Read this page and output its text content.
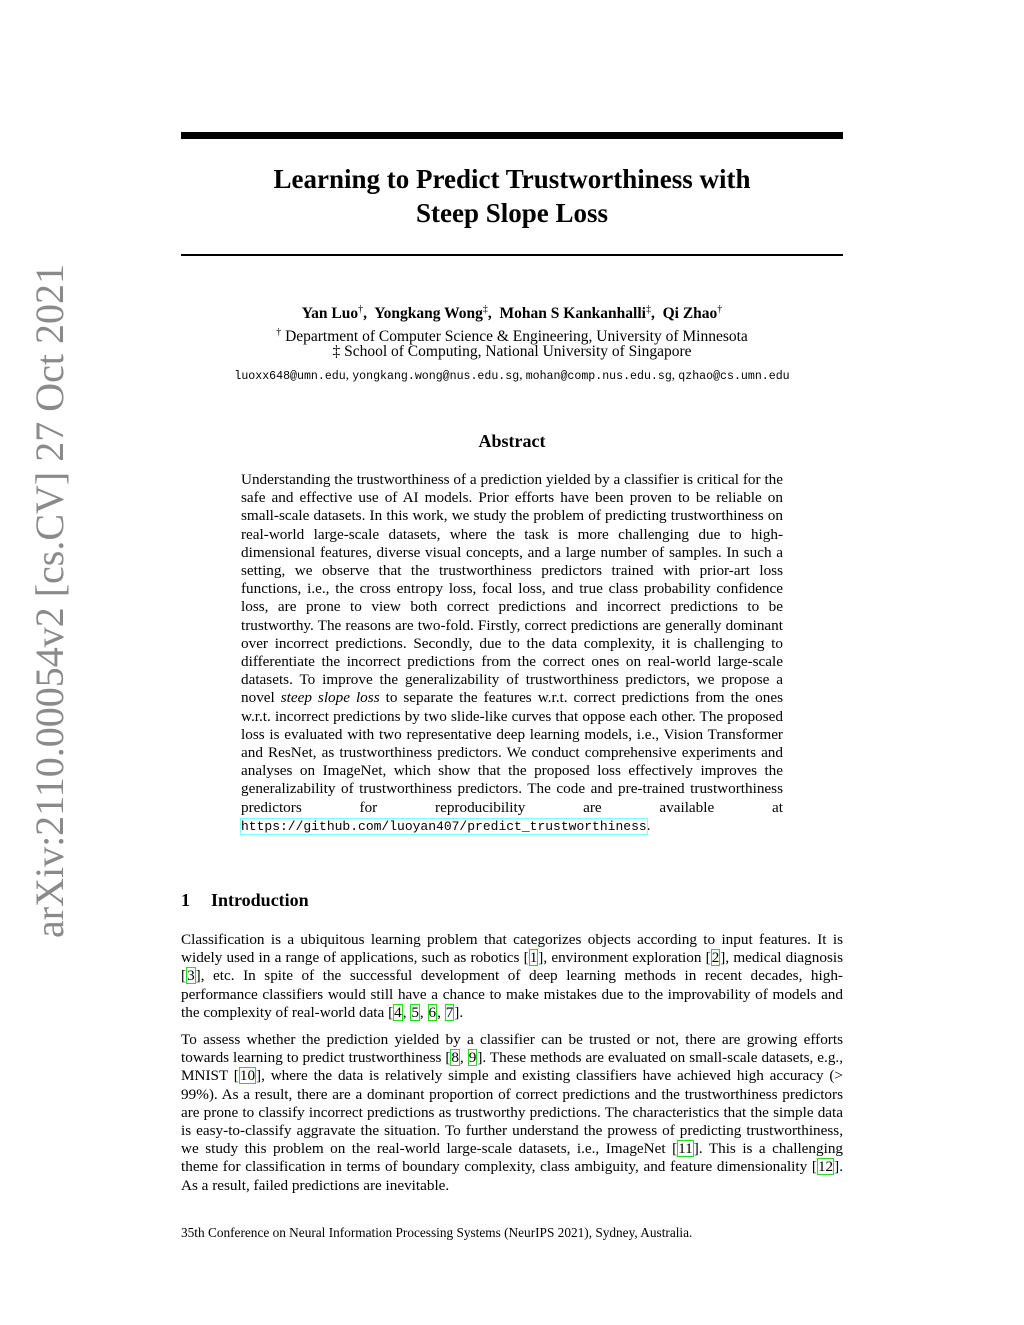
arXiv:2110.00054v2 [cs.CV] 27 Oct 2021
Learning to Predict Trustworthiness with
Steep Slope Loss
Yan Luo†,  Yongkang Wong‡,  Mohan S Kankanhalli‡,  Qi Zhao†
† Department of Computer Science & Engineering, University of Minnesota
‡ School of Computing, National University of Singapore
luoxx648@umn.edu, yongkang.wong@nus.edu.sg, mohan@comp.nus.edu.sg, qzhao@cs.umn.edu
Abstract
Understanding the trustworthiness of a prediction yielded by a classifier is critical for the safe and effective use of AI models. Prior efforts have been proven to be reliable on small-scale datasets. In this work, we study the problem of predicting trustworthiness on real-world large-scale datasets, where the task is more challenging due to high-dimensional features, diverse visual concepts, and a large number of samples. In such a setting, we observe that the trustworthiness predictors trained with prior-art loss functions, i.e., the cross entropy loss, focal loss, and true class probability confidence loss, are prone to view both correct predictions and incorrect predictions to be trustworthy. The reasons are two-fold. Firstly, correct predictions are generally dominant over incorrect predictions. Secondly, due to the data complexity, it is challenging to differentiate the incorrect predictions from the correct ones on real-world large-scale datasets. To improve the generalizability of trustworthiness predictors, we propose a novel steep slope loss to separate the features w.r.t. correct predictions from the ones w.r.t. incorrect predictions by two slide-like curves that oppose each other. The proposed loss is evaluated with two representative deep learning models, i.e., Vision Transformer and ResNet, as trustworthiness predictors. We conduct comprehensive experiments and analyses on ImageNet, which show that the proposed loss effectively improves the generalizability of trustworthiness predictors. The code and pre-trained trustworthiness predictors for reproducibility are available at https://github.com/luoyan407/predict_trustworthiness.
1 Introduction
Classification is a ubiquitous learning problem that categorizes objects according to input features. It is widely used in a range of applications, such as robotics [1], environment exploration [2], medical diagnosis [3], etc. In spite of the successful development of deep learning methods in recent decades, high-performance classifiers would still have a chance to make mistakes due to the improvability of models and the complexity of real-world data [4, 5, 6, 7].
To assess whether the prediction yielded by a classifier can be trusted or not, there are growing efforts towards learning to predict trustworthiness [8, 9]. These methods are evaluated on small-scale datasets, e.g., MNIST [10], where the data is relatively simple and existing classifiers have achieved high accuracy (> 99%). As a result, there are a dominant proportion of correct predictions and the trustworthiness predictors are prone to classify incorrect predictions as trustworthy predictions. The characteristics that the simple data is easy-to-classify aggravate the situation. To further understand the prowess of predicting trustworthiness, we study this problem on the real-world large-scale datasets, i.e., ImageNet [11]. This is a challenging theme for classification in terms of boundary complexity, class ambiguity, and feature dimensionality [12]. As a result, failed predictions are inevitable.
35th Conference on Neural Information Processing Systems (NeurIPS 2021), Sydney, Australia.
